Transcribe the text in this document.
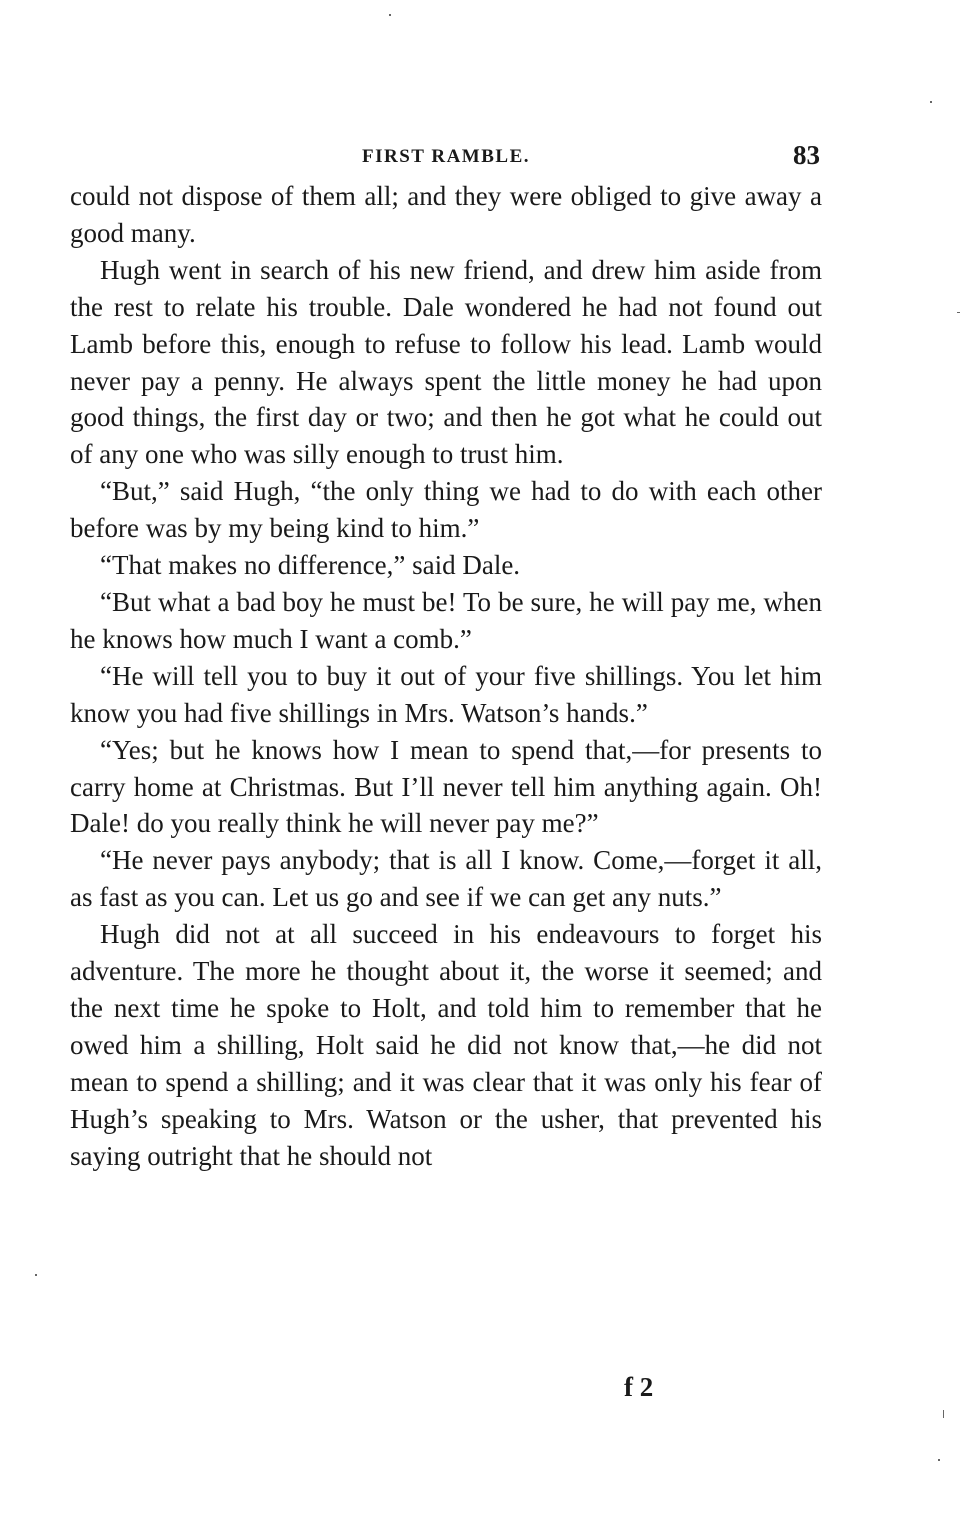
FIRST RAMBLE.	83

could not dispose of them all; and they were obliged to give away a good many.

Hugh went in search of his new friend, and drew him aside from the rest to relate his trouble. Dale wondered he had not found out Lamb before this, enough to refuse to follow his lead. Lamb would never pay a penny. He always spent the little money he had upon good things, the first day or two; and then he got what he could out of any one who was silly enough to trust him.

“But,” said Hugh, “the only thing we had to do with each other before was by my being kind to him.”

“That makes no difference,” said Dale.

“But what a bad boy he must be! To be sure, he will pay me, when he knows how much I want a comb.”

“He will tell you to buy it out of your five shillings. You let him know you had five shillings in Mrs. Watson’s hands.”

“Yes; but he knows how I mean to spend that,—for presents to carry home at Christmas. But I’ll never tell him anything again. Oh! Dale! do you really think he will never pay me?”

“He never pays anybody; that is all I know. Come,—forget it all, as fast as you can. Let us go and see if we can get any nuts.”

Hugh did not at all succeed in his endeavours to forget his adventure. The more he thought about it, the worse it seemed; and the next time he spoke to Holt, and told him to remember that he owed him a shilling, Holt said he did not know that,—he did not mean to spend a shilling; and it was clear that it was only his fear of Hugh’s speaking to Mrs. Watson or the usher, that prevented his saying outright that he should not

f 2
